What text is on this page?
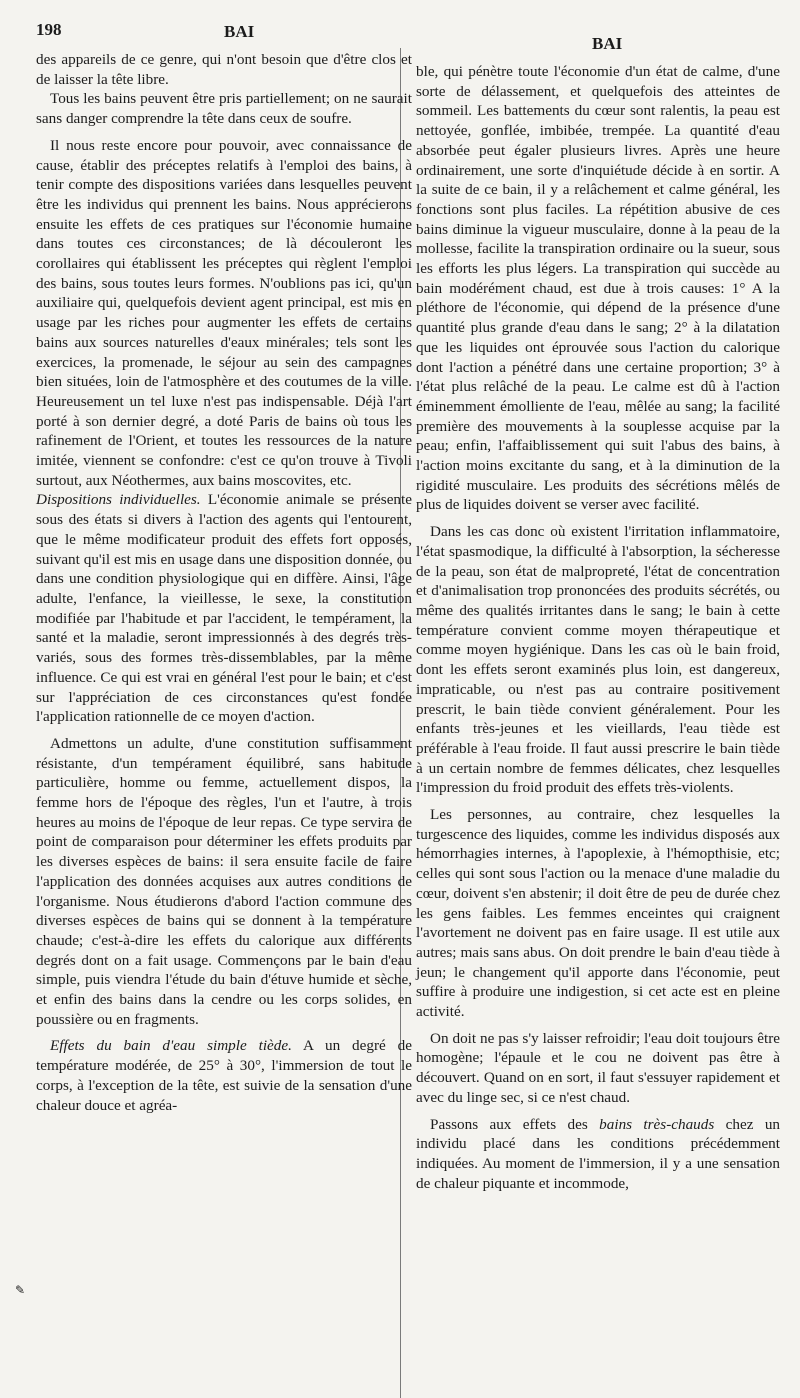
198	BAI
BAI

des appareils de ce genre, qui n'ont besoin que d'être clos et de laisser la tête libre.

Tous les bains peuvent être pris partiellement; on ne saurait sans danger comprendre la tête dans ceux de soufre.

Il nous reste encore pour pouvoir, avec connaissance de cause, établir des préceptes relatifs à l'emploi des bains, à tenir compte des dispositions variées dans lesquelles peuvent être les individus qui prennent les bains. Nous apprécierons ensuite les effets de ces pratiques sur l'économie humaine dans toutes ces circonstances; de là découleront les corollaires qui établissent les préceptes qui règlent l'emploi des bains, sous toutes leurs formes. N'oublions pas ici, qu'un auxiliaire qui, quelquefois devient agent principal, est mis en usage par les riches pour augmenter les effets de certains bains aux sources naturelles d'eaux minérales; tels sont les exercices, la promenade, le séjour au sein des campagnes bien situées, loin de l'atmosphère et des coutumes de la ville. Heureusement un tel luxe n'est pas indispensable. Déjà l'art porté à son dernier degré, a doté Paris de bains où tous les rafinement de l'Orient, et toutes les ressources de la nature imitée, viennent se confondre: c'est ce qu'on trouve à Tivoli surtout, aux Néothermes, aux bains moscovites, etc.

Dispositions individuelles. L'économie animale se présente sous des états si divers à l'action des agents qui l'entourent, que le même modificateur produit des effets fort opposés, suivant qu'il est mis en usage dans une disposition donnée, ou dans une condition physiologique qui en diffère. Ainsi, l'âge adulte, l'enfance, la vieillesse, le sexe, la constitution modifiée par l'habitude et par l'accident, le tempérament, la santé et la maladie, seront impressionnés à des degrés très-variés, sous des formes très-dissemblables, par la même influence. Ce qui est vrai en général l'est pour le bain; et c'est sur l'appréciation de ces circonstances qu'est fondée l'application rationnelle de ce moyen d'action.

Admettons un adulte, d'une constitution suffisamment résistante, d'un tempérament équilibré, sans habitude particulière, homme ou femme, actuellement dispos, la femme hors de l'époque des règles, l'un et l'autre, à trois heures au moins de l'époque de leur repas. Ce type servira de point de comparaison pour déterminer les effets produits par les diverses espèces de bains: il sera ensuite facile de faire l'application des données acquises aux autres conditions de l'organisme. Nous étudierons d'abord l'action commune des diverses espèces de bains qui se donnent à la température chaude; c'est-à-dire les effets du calorique aux différents degrés dont on a fait usage. Commençons par le bain d'eau simple, puis viendra l'étude du bain d'étuve humide et sèche, et enfin des bains dans la cendre ou les corps solides, en poussière ou en fragments.

Effets du bain d'eau simple tiède. A un degré de température modérée, de 25° à 30°, l'immersion de tout le corps, à l'exception de la tête, est suivie de la sensation d'une chaleur douce et agréa-

ble, qui pénètre toute l'économie d'un état de calme, d'une sorte de délassement, et quelquefois des atteintes de sommeil. Les battements du cœur sont ralentis, la peau est nettoyée, gonflée, imbibée, trempée. La quantité d'eau absorbée peut égaler plusieurs livres. Après une heure ordinairement, une sorte d'inquiétude décide à en sortir. A la suite de ce bain, il y a relâchement et calme général, les fonctions sont plus faciles. La répétition abusive de ces bains diminue la vigueur musculaire, donne à la peau de la mollesse, facilite la transpiration ordinaire ou la sueur, sous les efforts les plus légers. La transpiration qui succède au bain modérément chaud, est due à trois causes: 1° A la pléthore de l'économie, qui dépend de la présence d'une quantité plus grande d'eau dans le sang; 2° à la dilatation que les liquides ont éprouvée sous l'action du calorique dont l'action a pénétré dans une certaine proportion; 3° à l'état plus relâché de la peau. Le calme est dû à l'action éminemment émolliente de l'eau, mêlée au sang; la facilité première des mouvements à la souplesse acquise par la peau; enfin, l'affaiblissement qui suit l'abus des bains, à l'action moins excitante du sang, et à la diminution de la rigidité musculaire. Les produits des sécrétions mêlés de plus de liquides doivent se verser avec facilité.

Dans les cas donc où existent l'irritation inflammatoire, l'état spasmodique, la difficulté à l'absorption, la sécheresse de la peau, son état de malpropreté, l'état de concentration et d'animalisation trop prononcées des produits sécrétés, ou même des qualités irritantes dans le sang; le bain à cette température convient comme moyen thérapeutique et comme moyen hygiénique. Dans les cas où le bain froid, dont les effets seront examinés plus loin, est dangereux, impraticable, ou n'est pas au contraire positivement prescrit, le bain tiède convient généralement. Pour les enfants très-jeunes et les vieillards, l'eau tiède est préférable à l'eau froide. Il faut aussi prescrire le bain tiède à un certain nombre de femmes délicates, chez lesquelles l'impression du froid produit des effets très-violents.

Les personnes, au contraire, chez lesquelles la turgescence des liquides, comme les individus disposés aux hémorrhagies internes, à l'apoplexie, à l'hémopthisie, etc; celles qui sont sous l'action ou la menace d'une maladie du cœur, doivent s'en abstenir; il doit être de peu de durée chez les gens faibles. Les femmes enceintes qui craignent l'avortement ne doivent pas en faire usage. Il est utile aux autres; mais sans abus. On doit prendre le bain d'eau tiède à jeun; le changement qu'il apporte dans l'économie, peut suffire à produire une indigestion, si cet acte est en pleine activité.

On doit ne pas s'y laisser refroidir; l'eau doit toujours être homogène; l'épaule et le cou ne doivent pas être à découvert. Quand on en sort, il faut s'essuyer rapidement et avec du linge sec, si ce n'est chaud.

Passons aux effets des bains très-chauds chez un individu placé dans les conditions précédemment indiquées. Au moment de l'immersion, il y a une sensation de chaleur piquante et incommode,

✎
